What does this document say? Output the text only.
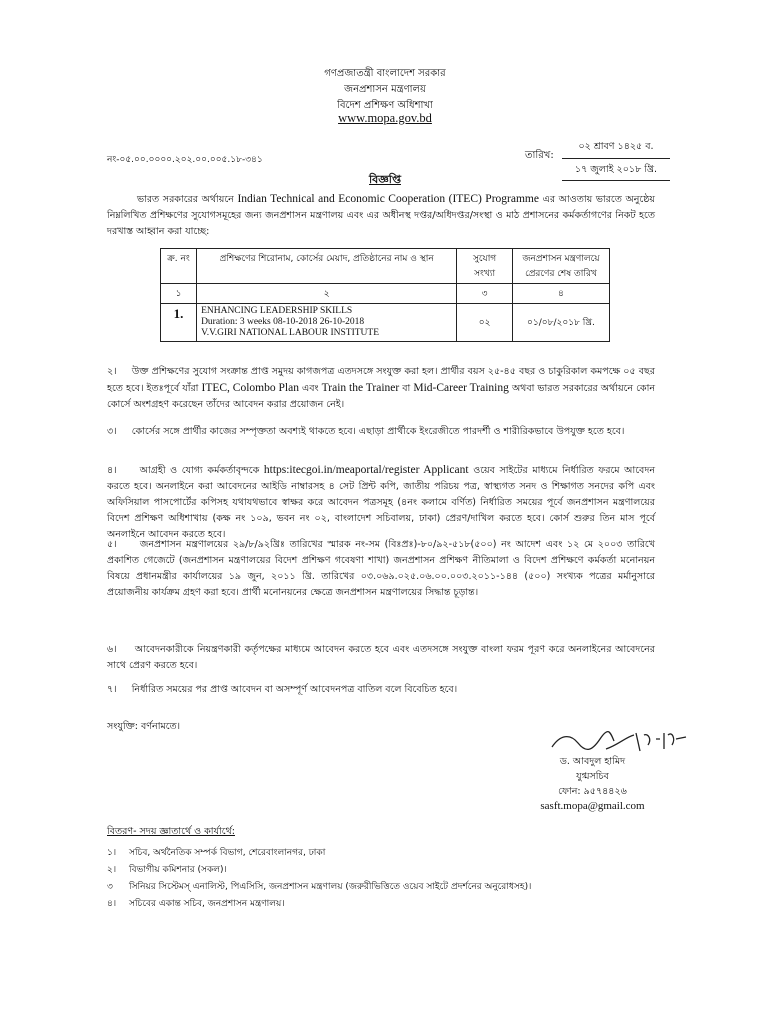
গণপ্রজাতন্ত্রী বাংলাদেশ সরকার
জনপ্রশাসন মন্ত্রণালয়
বিদেশ প্রশিক্ষণ অধিশাখা
www.mopa.gov.bd
নং-০৫.০০.০০০০.২০২.০০.০০৫.১৮-৩৪১	তারিখ:
০২ শ্রাবণ ১৪২৫ ব.
১৭ জুলাই ২০১৮ খ্রি.
বিজ্ঞপ্তি
ভারত সরকারের অর্থায়নে Indian Technical and Economic Cooperation (ITEC) Programme এর আওতায় ভারতে অনুষ্ঠেয় নিম্নলিখিত প্রশিক্ষণের সুযোগসমূহের জন্য জনপ্রশাসন মন্ত্রণালয় এবং এর অধীনস্থ দপ্তর/অধিদপ্তর/সংস্থা ও মাঠ প্রশাসনের কর্মকর্তাগণের নিকট হতে দরখাস্ত আহ্বান করা যাচ্ছে:
ক্র. নং	প্রশিক্ষণের শিরোনাম, কোর্সের মেয়াদ, প্রতিষ্ঠানের নাম ও স্থান	সুযোগ সংখ্যা	জনপ্রশাসন মন্ত্রণালয়ে প্রেরণের শেষ তারিখ
১	২	৩	৪
1.	ENHANCING LEADERSHIP SKILLS
Duration: 3 weeks 08-10-2018 26-10-2018
V.V.GIRI NATIONAL LABOUR INSTITUTE	০২	০১/০৮/২০১৮ খ্রি.
২। উক্ত প্রশিক্ষণের সুযোগ সংক্রান্ত প্রাপ্ত সমুদয় কাগজপত্র এতদসঙ্গে সংযুক্ত করা হল। প্রার্থীর বয়স ২৫-৪৫ বছর ও চাকুরিকাল কমপক্ষে ০৫ বছর হতে হবে। ইতঃপূর্বে যাঁরা ITEC, Colombo Plan এবং Train the Trainer বা Mid-Career Training অথবা ভারত সরকারের অর্থায়নে কোন কোর্সে অংশগ্রহণ করেছেন তাঁদের আবেদন করার প্রয়োজন নেই।
৩। কোর্সের সঙ্গে প্রার্থীর কাজের সম্পৃক্ততা অবশ্যই থাকতে হবে। এছাড়া প্রার্থীকে ইংরেজীতে পারদর্শী ও শারীরিকভাবে উপযুক্ত হতে হবে।
৪। আগ্রহী ও যোগ্য কর্মকর্তাবৃন্দকে https:itecgoi.in/meaportal/register Applicant ওয়েব সাইটের মাধ্যমে নির্ধারিত ফরমে আবেদন করতে হবে। অনলাইনে করা আবেদনের আইডি নাম্বারসহ ৪ সেট প্রিন্ট কপি, জাতীয় পরিচয় পত্র, স্বাস্থ্যগত সনদ ও শিক্ষাগত সনদের কপি এবং অফিসিয়াল পাসপোর্টের কপিসহ যথাযথভাবে স্বাক্ষর করে আবেদন পত্রসমূহ (৪নং কলামে বর্ণিত) নির্ধারিত সময়ের পূর্বে জনপ্রশাসন মন্ত্রণালয়ের বিদেশ প্রশিক্ষণ অধিশাখায় (কক্ষ নং ১০৯, ভবন নং ০২, বাংলাদেশ সচিবালয়, ঢাকা) প্রেরণ/দাখিল করতে হবে। কোর্স শুরুর তিন মাস পূর্বে অনলাইনে আবেদন করতে হবে।
৫। জনপ্রশাসন মন্ত্রণালয়ের ২৯/৮/৯২খ্রিঃ তারিখের স্মারক নং-সম (বিঃপ্রঃ)-৮০/৯২-৫১৮(৫০০) নং আদেশ এবং ১২ মে ২০০৩ তারিখে প্রকাশিত গেজেটে (জনপ্রশাসন মন্ত্রণালয়ের বিদেশ প্রশিক্ষণ গবেষণা শাখা) জনপ্রশাসন প্রশিক্ষণ নীতিমালা ও বিদেশ প্রশিক্ষণে কর্মকর্তা মনোনয়ন বিষয়ে প্রধানমন্ত্রীর কার্যালয়ের ১৯ জুন, ২০১১ খ্রি. তারিখের ০৩.০৬৯.০২৫.০৬.০০.০০৩.২০১১-১৪৪ (৫০০) সংখ্যক পত্রের মর্মানুসারে প্রয়োজনীয় কার্যক্রম গ্রহণ করা হবে। প্রার্থী মনোনয়নের ক্ষেত্রে জনপ্রশাসন মন্ত্রণালয়ের সিদ্ধান্ত চূড়ান্ত।
৬। আবেদনকারীকে নিয়ন্ত্রণকারী কর্তৃপক্ষের মাধ্যমে আবেদন করতে হবে এবং এতদসঙ্গে সংযুক্ত বাংলা ফরম পূরণ করে অনলাইনের আবেদনের সাথে প্রেরণ করতে হবে।
৭। নির্ধারিত সময়ের পর প্রাপ্ত আবেদন বা অসম্পূর্ণ আবেদনপত্র বাতিল বলে বিবেচিত হবে।
সংযুক্তি: বর্ণনামতে।
ড. আবদুল হামিদ
যুগ্মসচিব
ফোন: ৯৫৭৪৪২৬
sasft.mopa@gmail.com
বিতরণ- সদয় জ্ঞাতার্থে ও কার্যার্থে:
১। সচিব, অর্থনৈতিক সম্পর্ক বিভাগ, শেরেবাংলানগর, ঢাকা
২। বিভাগীয় কমিশনার (সকল)।
৩ সিনিয়র সিস্টেমস্ এনালিস্ট, পিএসিসি, জনপ্রশাসন মন্ত্রণালয় (জরুরীভিত্তিতে ওয়েব সাইটে প্রদর্শনের অনুরোধসহ)।
৪। সচিবের একান্ত সচিব, জনপ্রশাসন মন্ত্রণালয়।
